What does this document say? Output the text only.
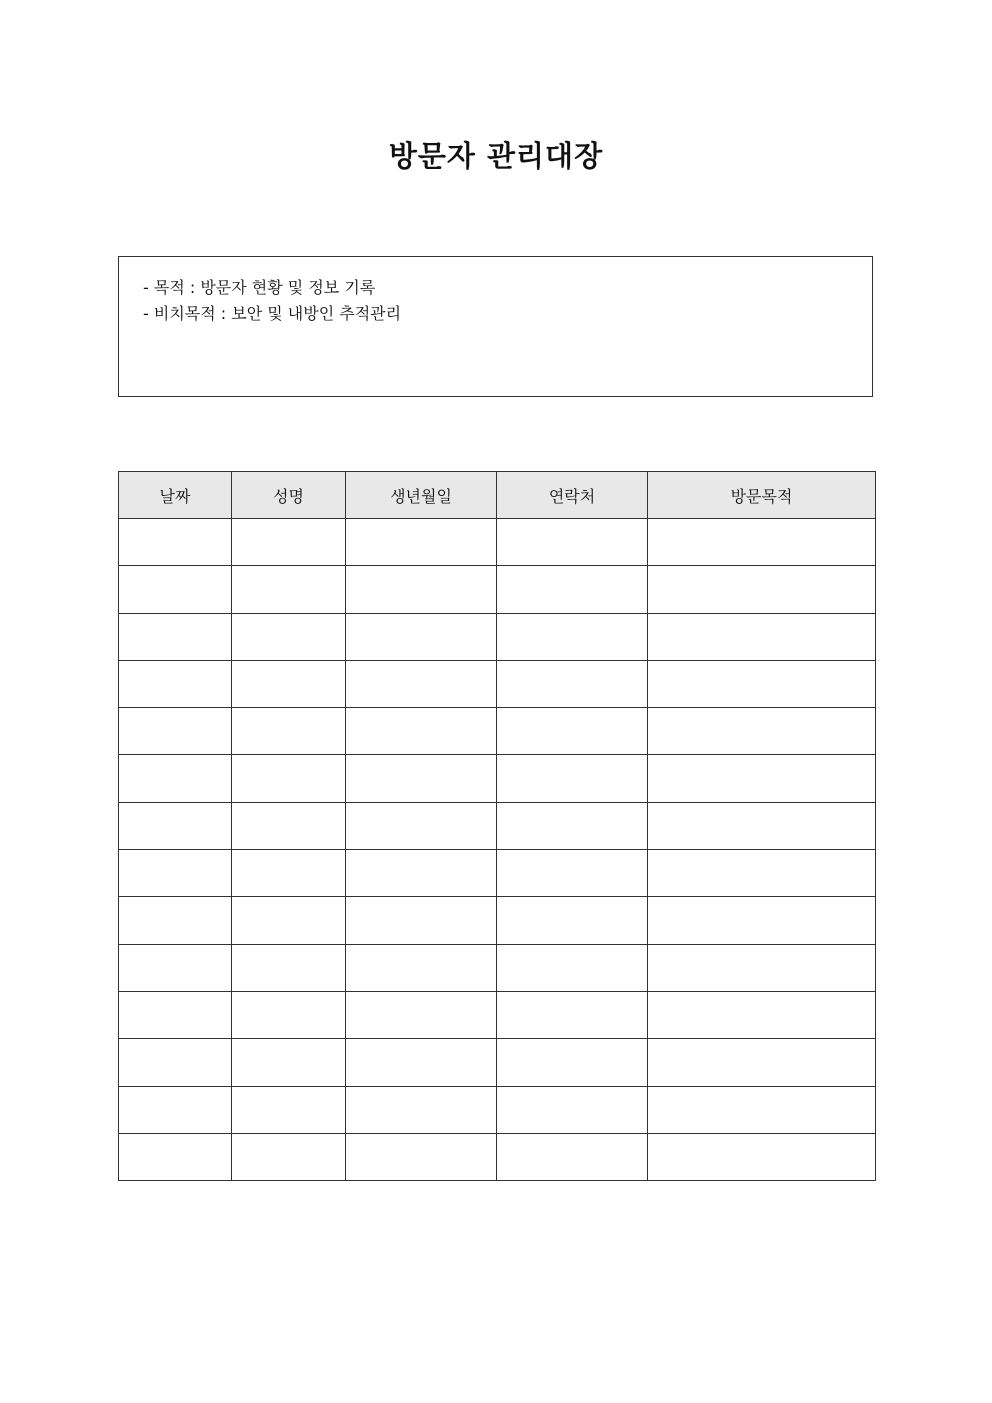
방문자 관리대장
- 목적 : 방문자 현황 및 정보 기록
- 비치목적 : 보안 및 내방인 추적관리
날짜	성명	생년월일	연락처	방문목적
